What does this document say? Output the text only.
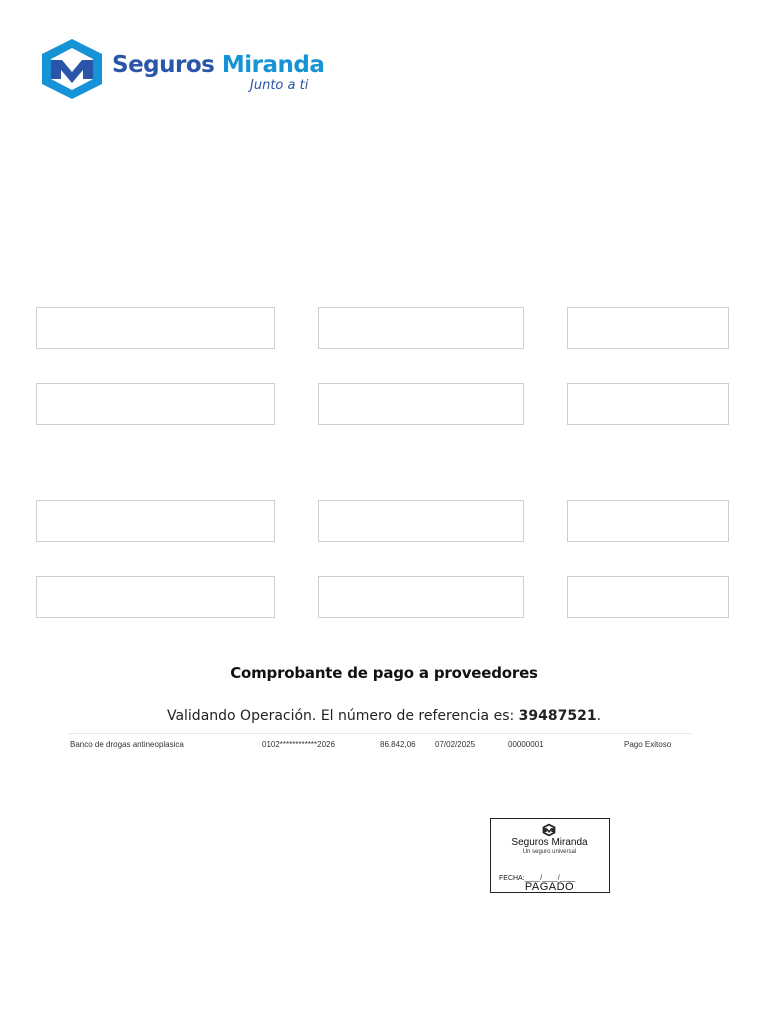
Seguros Miranda
Junto a ti
Comprobante de pago a proveedores
Validando Operación. El número de referencia es: 39487521.
Banco de drogas antineoplasica	0102************2026	86.842,06 07/02/2025	00000001	Pago Exitoso
Seguros Miranda
Un seguro universal
FECHA:____/____/____
PAGADO
